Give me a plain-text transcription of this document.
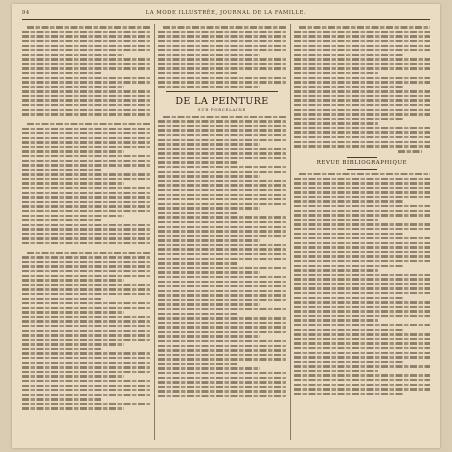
94	LA MODE ILLUSTRÉE, JOURNAL DE LA FAMILLE.
DE LA PEINTURE
SUR PORCELAINE
REVUE BIBLIOGRAPHIQUE
